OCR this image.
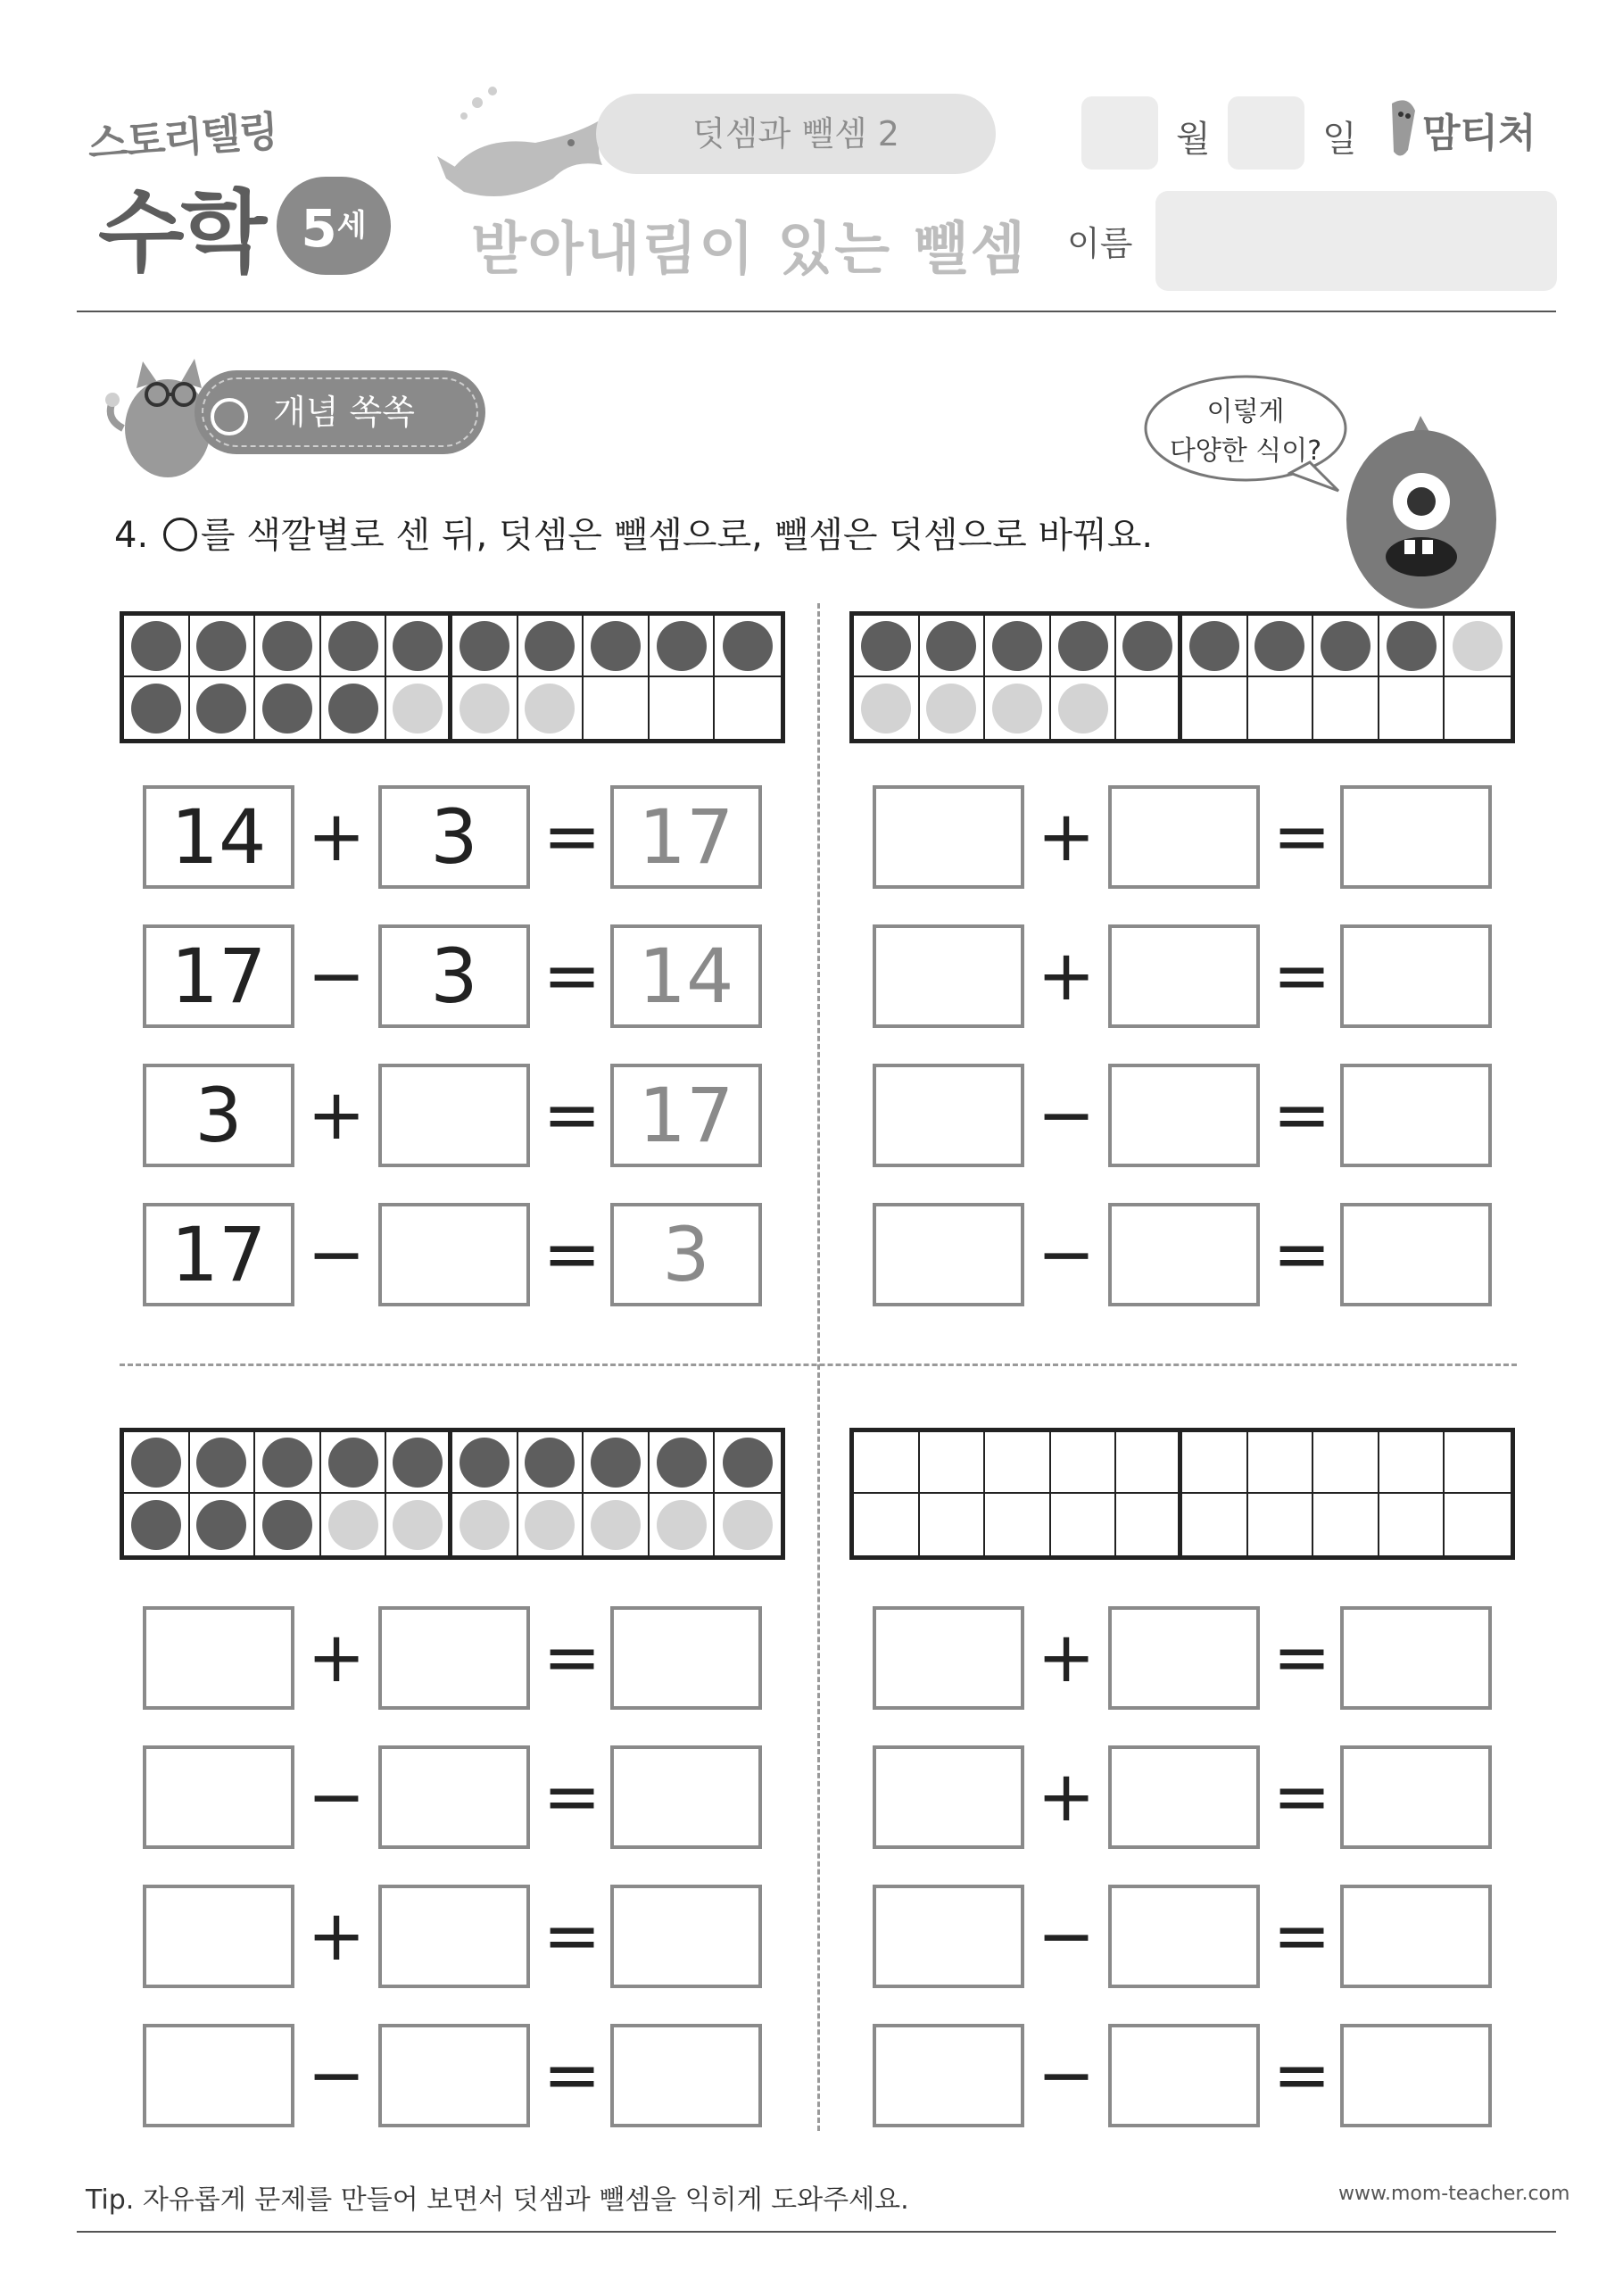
스토리텔링
수학 $5^세$
덧셈과 뺄셈 2
받아내림이 있는 뺄셈
월	일 맘티처
이름
개념 쏙쏙	이렇게
다양한 식이?
4. 를 색깔별로 센 뒤, 덧셈은 뺄셈으로, 뺄셈은 덧셈으로 바꿔요.
14 + 3 = 17
17 − 3 = 14
3 +	= 17
17 −	= 3
+	=
+	=
−	=
−	=
+	=
−	=
+	=
−	=
+	=
+	=
−	=
−	=
Tip. 자유롭게 문제를 만들어 보면서 덧셈과 뺄셈을 익히게 도와주세요.	www.mom-teacher.com
